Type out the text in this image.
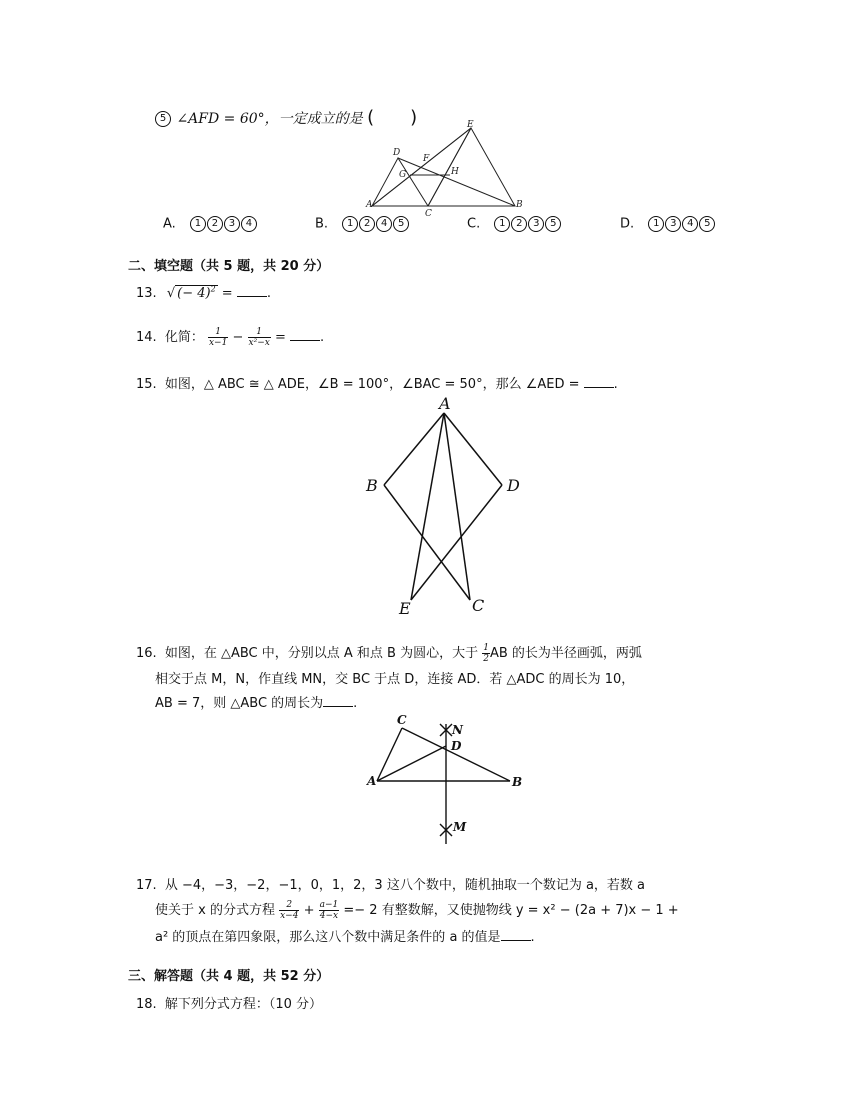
5 ∠AFD = 60°，一定成立的是 (　　)	E
D
F
G	H
A
C
B
A. 1 2 3 4	B. 1 2 4 5	C. 1 2 3 5	D. 1 3 4 5
二、填空题（共 5 题，共 20 分）
13. √ (− 4)$^2$ = .
14. 化简： $\frac{1}{x-1} - \frac{1}{\text{x²−x}}$ = .
15. 如图，△ ABC ≅ △ ADE，∠B = 100°，∠BAC = 50°，那么 ∠AED = .
A
B	D
E	C
16. 如图，在 △ABC 中，分别以点 A 和点 B 为圆心，大于 $\frac{1}{2}$ AB 的长为半径画弧，两弧
相交于点 M，N，作直线 MN，交 BC 于点 D，连接 AD．若 △ADC 的周长为 10，
AB = 7，则 △ABC 的周长为 .
C
N
D
A	B
M
17. 从 −4，−3，−2，−1，0，1，2，3 这八个数中，随机抽取一个数记为 a，若数 a
使关于 x 的分式方程 $\frac{2}{x-4} + \frac{a-1}{4-x} =- 2$ 有整数解，又使抛物线 y = x² − (2a + 7)x − 1 +
a² 的顶点在第四象限，那么这八个数中满足条件的 a 的值是 .
三、解答题（共 4 题，共 52 分）
18. 解下列分式方程：（10 分）
